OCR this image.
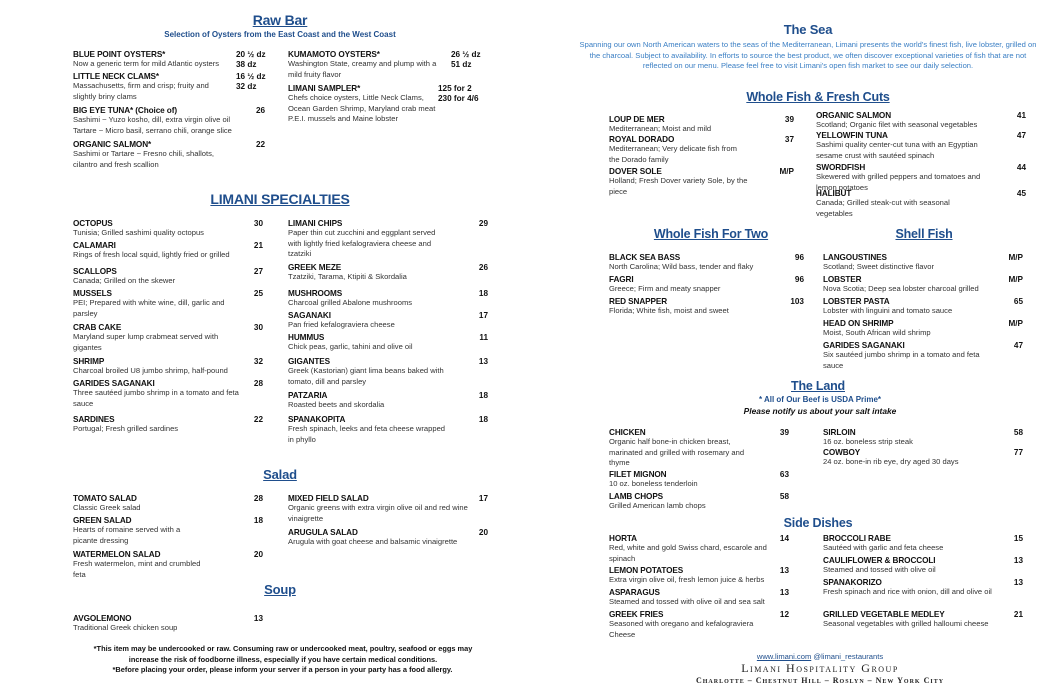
Raw Bar
Selection of Oysters from the East Coast and the West Coast
BLUE POINT OYSTERS*	20 ½ dz
Now a generic term for mild Atlantic oysters	38 dz
LITTLE NECK CLAMS*	16 ½ dz
32 dz
Massachusetts, firm and crisp; fruity and slightly briny clams
BIG EYE TUNA* (Choice of)	26
Sashimi ~ Yuzo kosho, dill, extra virgin olive oil Tartare ~ Micro basil, serrano chili, orange slice
ORGANIC SALMON*	22
Sashimi or Tartare ~ Fresno chili, shallots, cilantro and fresh scallion
KUMAMOTO OYSTERS*	26 ½ dz
51 dz
Washington State, creamy and plump with a mild fruity flavor
LIMANI SAMPLER*	125 for 2
230 for 4/6
Chefs choice oysters, Little Neck Clams, Ocean Garden Shrimp, Maryland crab meat P.E.I. mussels and Maine lobster
LIMANI SPECIALTIES
OCTOPUS	30
Tunisia; Grilled sashimi quality octopus
CALAMARI	21
Rings of fresh local squid, lightly fried or grilled
SCALLOPS	27
Canada; Grilled on the skewer
MUSSELS	25
PEI; Prepared with white wine, dill, garlic and parsley
CRAB CAKE	30
Maryland super lump crabmeat served with gigantes
SHRIMP	32
Charcoal broiled U8 jumbo shrimp, half-pound
GARIDES SAGANAKI	28
Three sautéed jumbo shrimp in a tomato and feta sauce
SARDINES	22
Portugal; Fresh grilled sardines
LIMANI CHIPS	29
Paper thin cut zucchini and eggplant served with lightly fried kefalograviera cheese and tzatziki
GREEK MEZE	26
Tzatziki, Tarama, Ktipiti & Skordalia
MUSHROOMS	18
Charcoal grilled Abalone mushrooms
SAGANAKI	17
Pan fried kefalograviera cheese
HUMMUS	11
Chick peas, garlic, tahini and olive oil
GIGANTES	13
Greek (Kastorian) giant lima beans baked with tomato, dill and parsley
PATZARIA	18
Roasted beets and skordalia
SPANAKOPITA	18
Fresh spinach, leeks and feta cheese wrapped in phyllo
Salad
TOMATO SALAD	28
Classic Greek salad
GREEN SALAD	18
Hearts of romaine served with a picante dressing
WATERMELON SALAD	20
Fresh watermelon, mint and crumbled feta
MIXED FIELD SALAD	17
Organic greens with extra virgin olive oil and red wine vinaigrette
ARUGULA SALAD	20
Arugula with goat cheese and balsamic vinaigrette
Soup
AVGOLEMONO	13
Traditional Greek chicken soup
*This item may be undercooked or raw. Consuming raw or undercooked meat, poultry, seafood or eggs may increase the risk of foodborne illness, especially if you have certain medical conditions.
*Before placing your order, please inform your server if a person in your party has a food allergy.
The Sea
Spanning our own North American waters to the seas of the Mediterranean, Limani presents the world's finest fish, live lobster, grilled on the charcoal. Subject to availability. In efforts to source the best product, we often discover exceptional varieties of fish that are not reflected on our menu. Please feel free to visit Limani's open fish market to see our daily selection.
Whole Fish & Fresh Cuts
LOUP DE MER	39
Mediterranean; Moist and mild
ROYAL DORADO	37
Mediterranean; Very delicate fish from the Dorado family
DOVER SOLE	M/P
Holland; Fresh Dover variety Sole, by the piece
ORGANIC SALMON	41
Scotland; Organic filet with seasonal vegetables
YELLOWFIN TUNA	47
Sashimi quality center-cut tuna with an Egyptian sesame crust with sautéed spinach
SWORDFISH	44
Skewered with grilled peppers and tomatoes and lemon potatoes
HALIBUT	45
Canada; Grilled steak-cut with seasonal vegetables
Whole Fish For Two
BLACK SEA BASS	96
North Carolina; Wild bass, tender and flaky
FAGRI	96
Greece; Firm and meaty snapper
RED SNAPPER	103
Florida; White fish, moist and sweet
Shell Fish
LANGOUSTINES	M/P
Scotland; Sweet distinctive flavor
LOBSTER	M/P
Nova Scotia; Deep sea lobster charcoal grilled
LOBSTER PASTA	65
Lobster with linguini and tomato sauce
HEAD ON SHRIMP	M/P
Moist, South African wild shrimp
GARIDES SAGANAKI	47
Six sautéed jumbo shrimp in a tomato and feta sauce
The Land
* All of Our Beef is USDA Prime*
Please notify us about your salt intake
CHICKEN	39
Organic half bone-in chicken breast, marinated and grilled with rosemary and thyme
FILET MIGNON	63
10 oz. boneless tenderloin
LAMB CHOPS	58
Grilled American lamb chops
SIRLOIN	58
16 oz. boneless strip steak
COWBOY	77
24 oz. bone-in rib eye, dry aged 30 days
Side Dishes
HORTA	14
Red, white and gold Swiss chard, escarole and spinach
LEMON POTATOES	13
Extra virgin olive oil, fresh lemon juice & herbs
ASPARAGUS	13
Steamed and tossed with olive oil and sea salt
GREEK FRIES	12
Seasoned with oregano and kefalograviera Cheese
BROCCOLI RABE	15
Sautéed with garlic and feta cheese
CAULIFLOWER & BROCCOLI	13
Steamed and tossed with olive oil
SPANAKORIZO	13
Fresh spinach and rice with onion, dill and olive oil
GRILLED VEGETABLE MEDLEY	21
Seasonal vegetables with grilled halloumi cheese
www.limani.com @limani_restaurants
Limani Hospitality Group
Charlotte – Chestnut Hill – Roslyn – New York City
